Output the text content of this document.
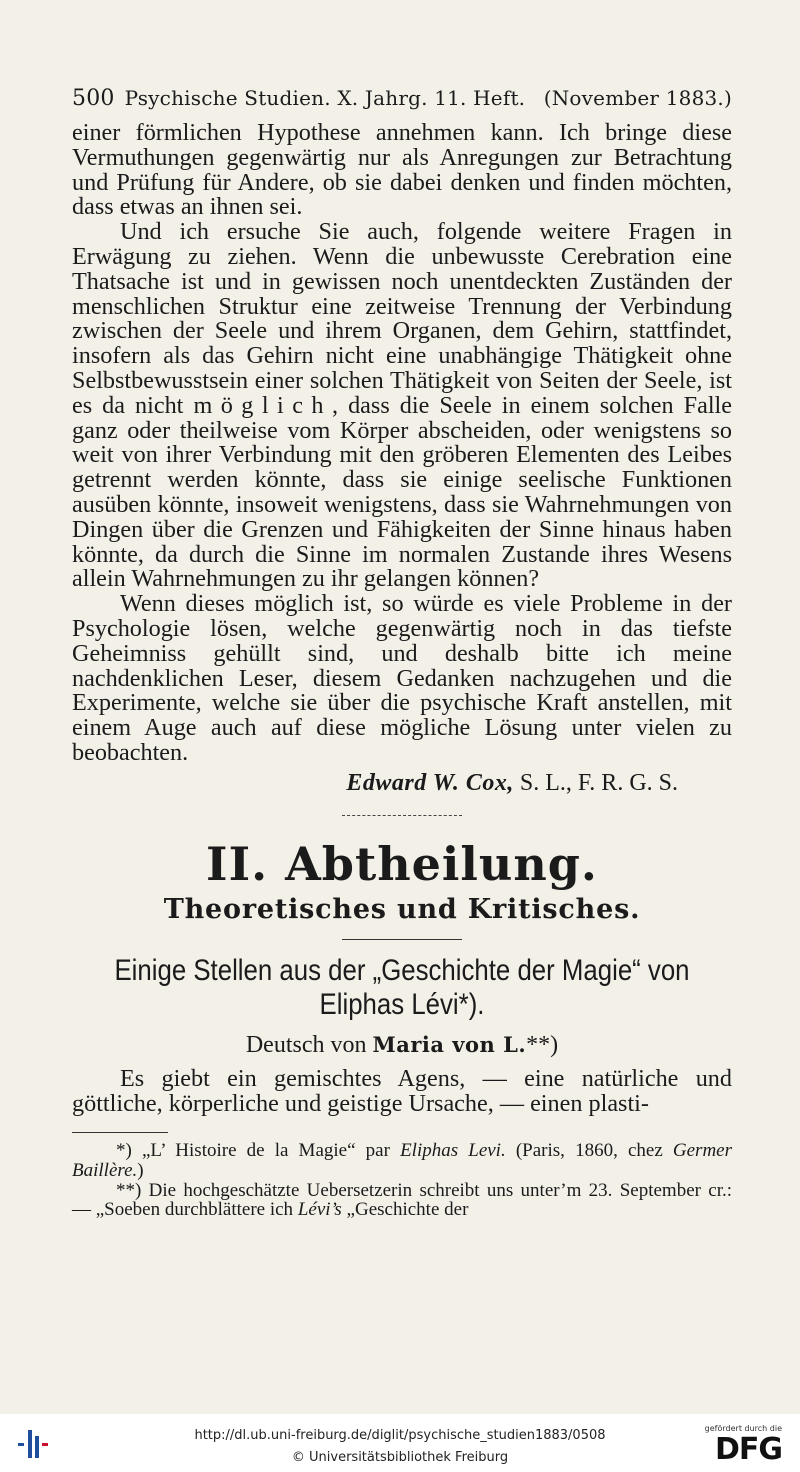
500 Psychische Studien. X. Jahrg. 11. Heft. (November 1883.)

einer förmlichen Hypothese annehmen kann. Ich bringe diese Vermuthungen gegenwärtig nur als Anregungen zur Betrachtung und Prüfung für Andere, ob sie dabei denken und finden möchten, dass etwas an ihnen sei.

Und ich ersuche Sie auch, folgende weitere Fragen in Erwägung zu ziehen. Wenn die unbewusste Cerebration eine Thatsache ist und in gewissen noch unentdeckten Zuständen der menschlichen Struktur eine zeitweise Trennung der Verbindung zwischen der Seele und ihrem Organen, dem Gehirn, stattfindet, insofern als das Gehirn nicht eine unabhängige Thätigkeit ohne Selbstbewusstsein einer solchen Thätigkeit von Seiten der Seele, ist es da nicht möglich, dass die Seele in einem solchen Falle ganz oder theilweise vom Körper abscheiden, oder wenigstens so weit von ihrer Verbindung mit den gröberen Elementen des Leibes getrennt werden könnte, dass sie einige seelische Funktionen ausüben könnte, insoweit wenigstens, dass sie Wahrnehmungen von Dingen über die Grenzen und Fähigkeiten der Sinne hinaus haben könnte, da durch die Sinne im normalen Zustande ihres Wesens allein Wahrnehmungen zu ihr gelangen können?

Wenn dieses möglich ist, so würde es viele Probleme in der Psychologie lösen, welche gegenwärtig noch in das tiefste Geheimniss gehüllt sind, und deshalb bitte ich meine nachdenklichen Leser, diesem Gedanken nachzugehen und die Experimente, welche sie über die psychische Kraft anstellen, mit einem Auge auch auf diese mögliche Lösung unter vielen zu beobachten.

Edward W. Cox, S. L., F. R. G. S.
II. Abtheilung.
Theoretisches und Kritisches.
Einige Stellen aus der „Geschichte der Magie“ von Eliphas Lévi*).
Deutsch von Maria von L.**)

Es giebt ein gemischtes Agens, — eine natürliche und göttliche, körperliche und geistige Ursache, — einen plasti-

*) „L’ Histoire de la Magie“ par Eliphas Levi. (Paris, 1860, chez Germer Baillère.)

**) Die hochgeschätzte Uebersetzerin schreibt uns unter’m 23. September cr.: — „Soeben durchblättere ich Lévi’s „Geschichte der

http://dl.ub.uni-freiburg.de/diglit/psychische_studien1883/0508
© Universitätsbibliothek Freiburg
gefördert durch die
DFG
